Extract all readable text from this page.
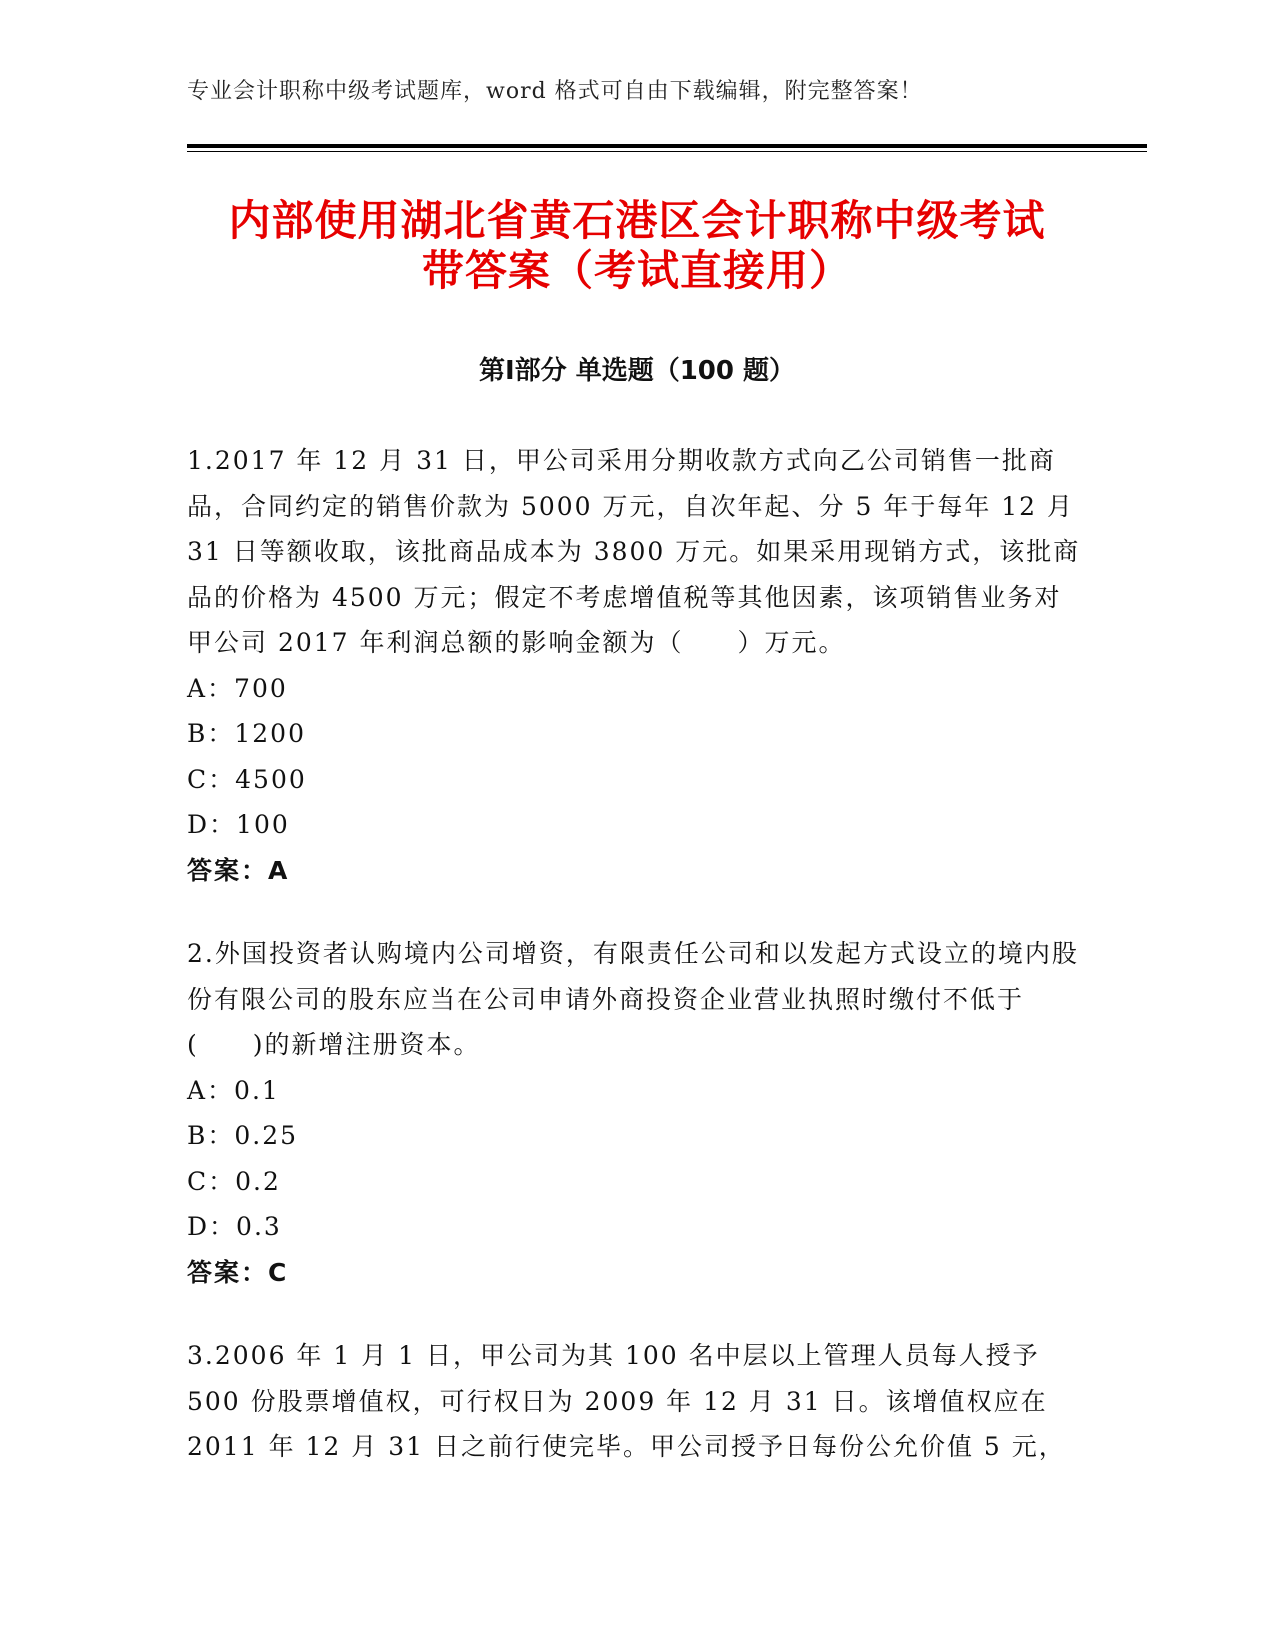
专业会计职称中级考试题库，word 格式可自由下载编辑，附完整答案！
内部使用湖北省黄石港区会计职称中级考试
带答案（考试直接用）
第Ⅰ部分 单选题（100 题）
1.2017 年 12 月 31 日，甲公司采用分期收款方式向乙公司销售一批商品，合同约定的销售价款为 5000 万元，自次年起、分 5 年于每年 12 月 31 日等额收取，该批商品成本为 3800 万元。如果采用现销方式，该批商品的价格为 4500 万元；假定不考虑增值税等其他因素，该项销售业务对甲公司 2017 年利润总额的影响金额为（　　）万元。
A：700
B：1200
C：4500
D：100
答案：A
2.外国投资者认购境内公司增资，有限责任公司和以发起方式设立的境内股份有限公司的股东应当在公司申请外商投资企业营业执照时缴付不低于(　　)的新增注册资本。
A：0.1
B：0.25
C：0.2
D：0.3
答案：C
3.2006 年 1 月 1 日，甲公司为其 100 名中层以上管理人员每人授予 500 份股票增值权，可行权日为 2009 年 12 月 31 日。该增值权应在 2011 年 12 月 31 日之前行使完毕。甲公司授予日每份公允价值 5 元，
